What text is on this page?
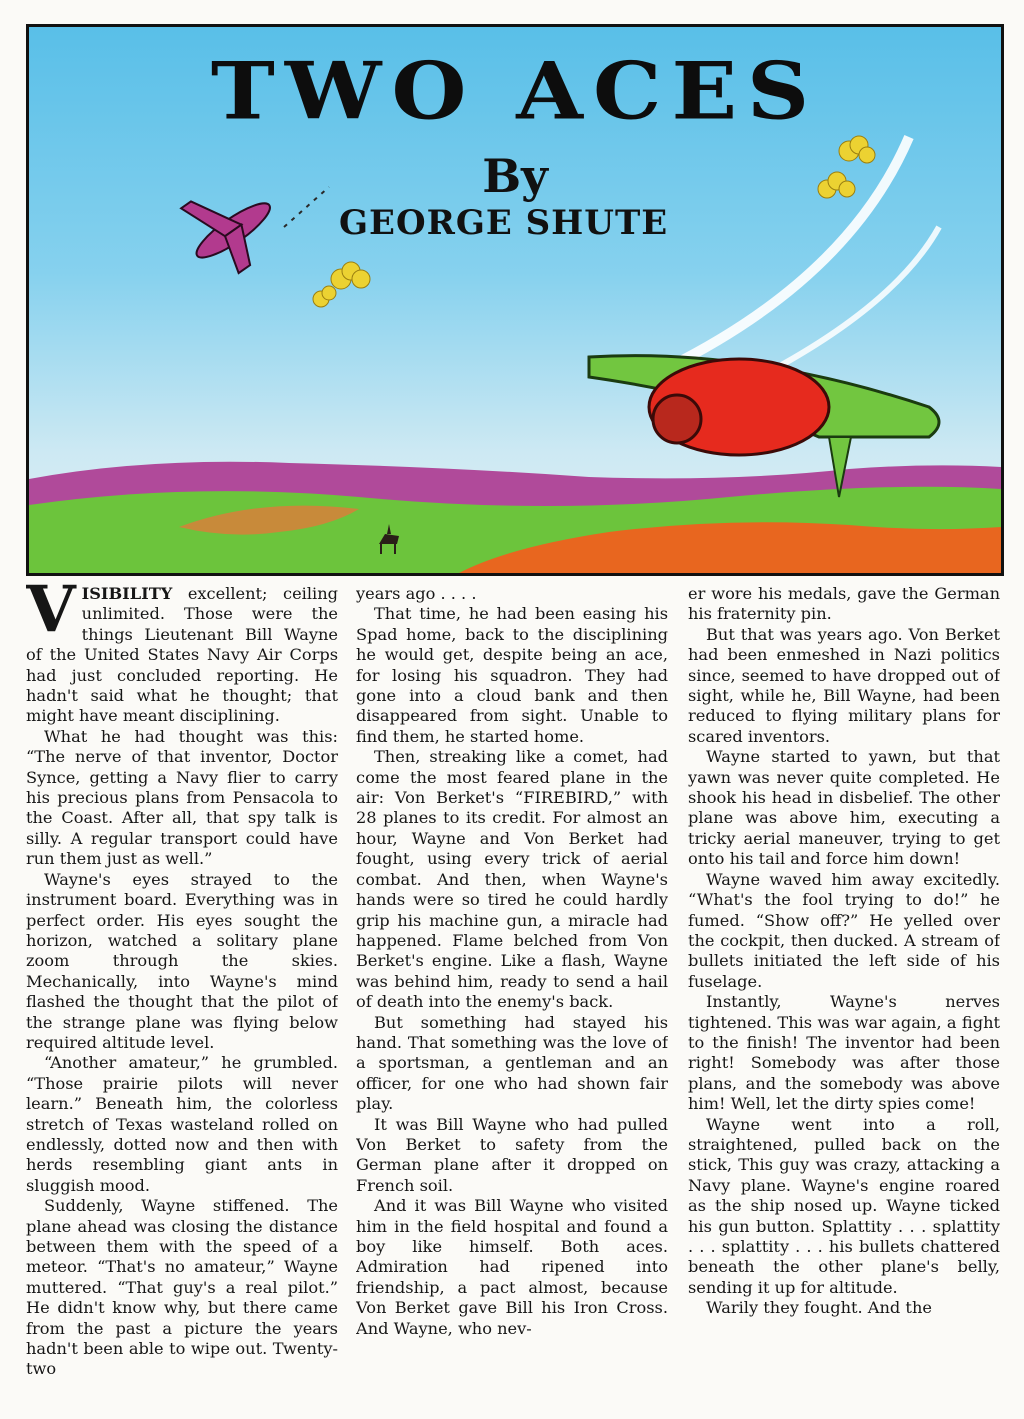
TWO ACES
By
GEORGE SHUTE

VISIBILITY excellent; ceiling unlimited. Those were the things Lieutenant Bill Wayne of the United States Navy Air Corps had just concluded reporting. He hadn't said what he thought; that might have meant disciplining.

What he had thought was this: “The nerve of that inventor, Doctor Synce, getting a Navy flier to carry his precious plans from Pensacola to the Coast. After all, that spy talk is silly. A regular transport could have run them just as well.”

Wayne's eyes strayed to the instrument board. Everything was in perfect order. His eyes sought the horizon, watched a solitary plane zoom through the skies. Mechanically, into Wayne's mind flashed the thought that the pilot of the strange plane was flying below required altitude level.

“Another amateur,” he grumbled. “Those prairie pilots will never learn.” Beneath him, the colorless stretch of Texas wasteland rolled on endlessly, dotted now and then with herds resembling giant ants in sluggish mood.

Suddenly, Wayne stiffened. The plane ahead was closing the distance between them with the speed of a meteor. “That's no amateur,” Wayne muttered. “That guy's a real pilot.” He didn't know why, but there came from the past a picture the years hadn't been able to wipe out. Twenty-two

years ago . . . .

That time, he had been easing his Spad home, back to the disciplining he would get, despite being an ace, for losing his squadron. They had gone into a cloud bank and then disappeared from sight. Unable to find them, he started home.

Then, streaking like a comet, had come the most feared plane in the air: Von Berket's “FIREBIRD,” with 28 planes to its credit. For almost an hour, Wayne and Von Berket had fought, using every trick of aerial combat. And then, when Wayne's hands were so tired he could hardly grip his machine gun, a miracle had happened. Flame belched from Von Berket's engine. Like a flash, Wayne was behind him, ready to send a hail of death into the enemy's back.

But something had stayed his hand. That something was the love of a sportsman, a gentleman and an officer, for one who had shown fair play.

It was Bill Wayne who had pulled Von Berket to safety from the German plane after it dropped on French soil.

And it was Bill Wayne who visited him in the field hospital and found a boy like himself. Both aces. Admiration had ripened into friendship, a pact almost, because Von Berket gave Bill his Iron Cross. And Wayne, who nev-

er wore his medals, gave the German his fraternity pin.

But that was years ago. Von Berket had been enmeshed in Nazi politics since, seemed to have dropped out of sight, while he, Bill Wayne, had been reduced to flying military plans for scared inventors.

Wayne started to yawn, but that yawn was never quite completed. He shook his head in disbelief. The other plane was above him, executing a tricky aerial maneuver, trying to get onto his tail and force him down!

Wayne waved him away excitedly. “What's the fool trying to do!” he fumed. “Show off?” He yelled over the cockpit, then ducked. A stream of bullets initiated the left side of his fuselage.

Instantly, Wayne's nerves tightened. This was war again, a fight to the finish! The inventor had been right! Somebody was after those plans, and the somebody was above him! Well, let the dirty spies come!

Wayne went into a roll, straightened, pulled back on the stick, This guy was crazy, attacking a Navy plane. Wayne's engine roared as the ship nosed up. Wayne ticked his gun button. Splattity . . . splattity . . . splattity . . . his bullets chattered beneath the other plane's belly, sending it up for altitude.

Warily they fought. And the
